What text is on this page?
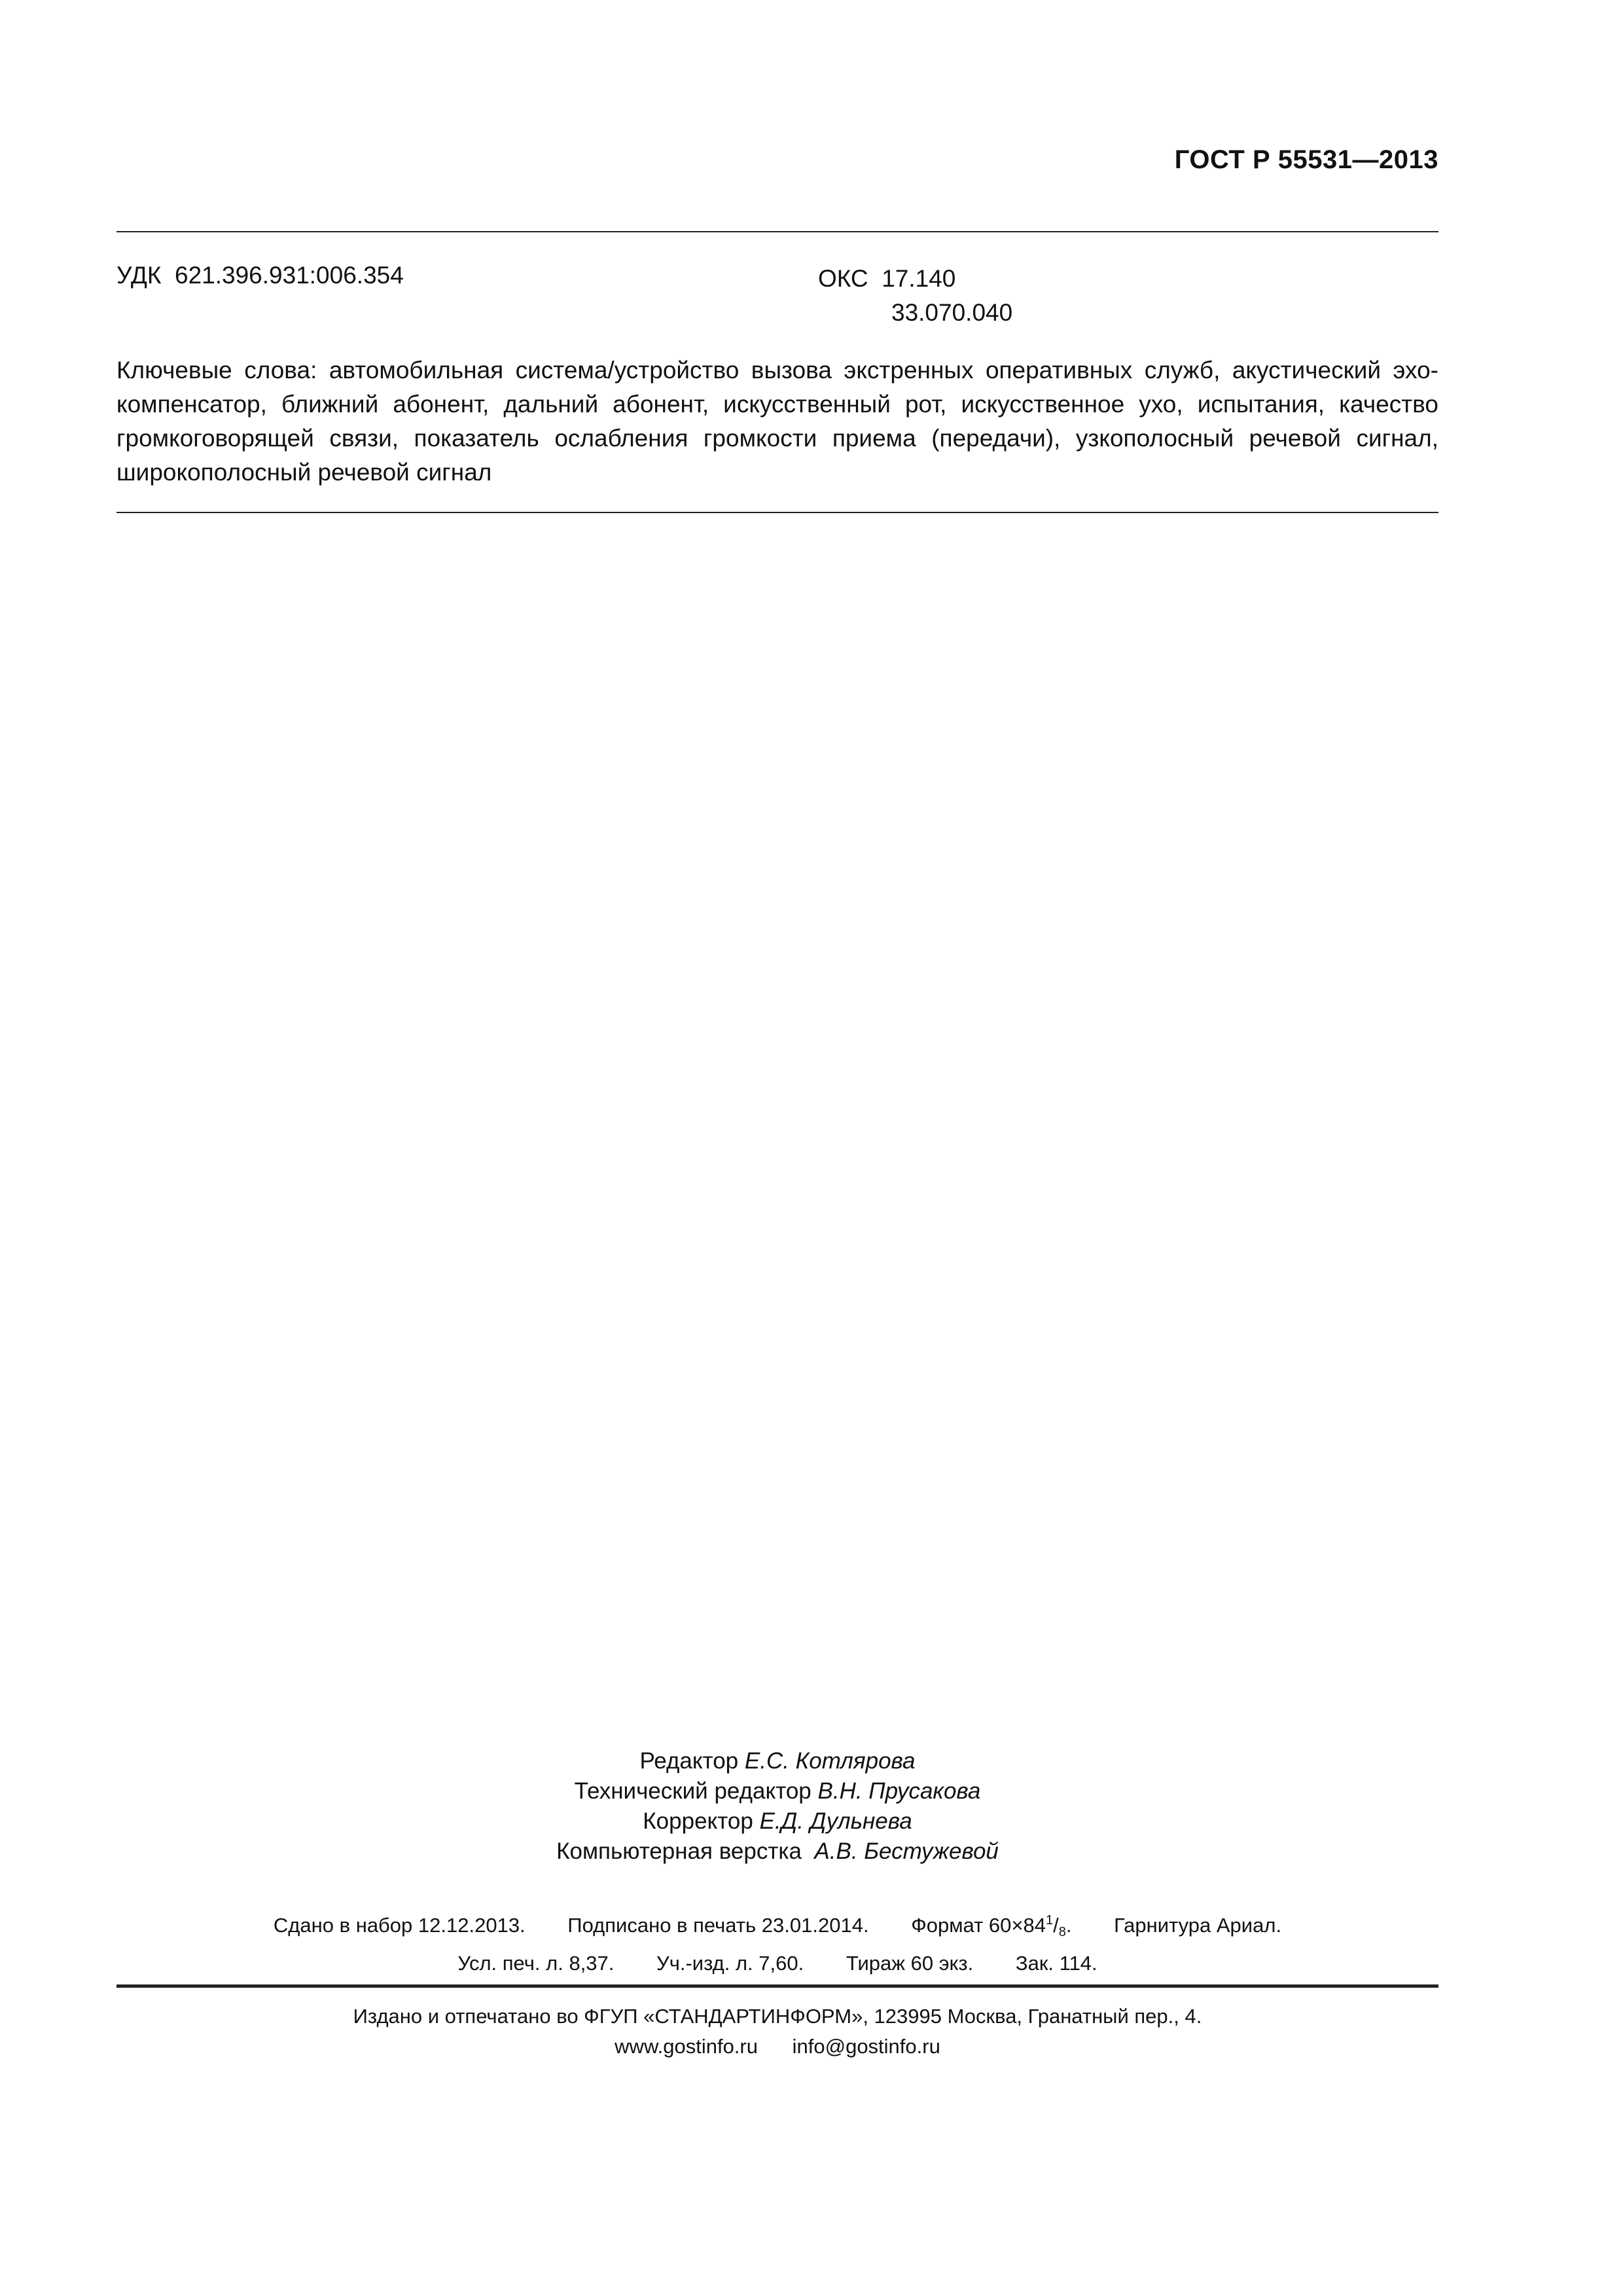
ГОСТ Р 55531—2013
УДК  621.396.931:006.354	ОКС 17.140
33.070.040
Ключевые слова: автомобильная система/устройство вызова экстренных оперативных служб, акустический эхо-компенсатор, ближний абонент, дальний абонент, искусственный рот, искусственное ухо, испытания, качество громкоговорящей связи, показатель ослабления громкости приема (передачи), узкополосный речевой сигнал, широкополосный речевой сигнал
Редактор Е.С. Котлярова
Технический редактор В.Н. Прусакова
Корректор Е.Д. Дульнева
Компьютерная верстка А.В. Бестужевой
Сдано в набор 12.12.2013. Подписано в печать 23.01.2014. Формат $60\times 84^1/_8$. Гарнитура Ариал.
Усл. печ. л. 8,37. Уч.-изд. л. 7,60. Тираж 60 экз. Зак. 114.
Издано и отпечатано во ФГУП «СТАНДАРТИНФОРМ», 123995 Москва, Гранатный пер., 4.
www.gostinfo.ru info@gostinfo.ru
